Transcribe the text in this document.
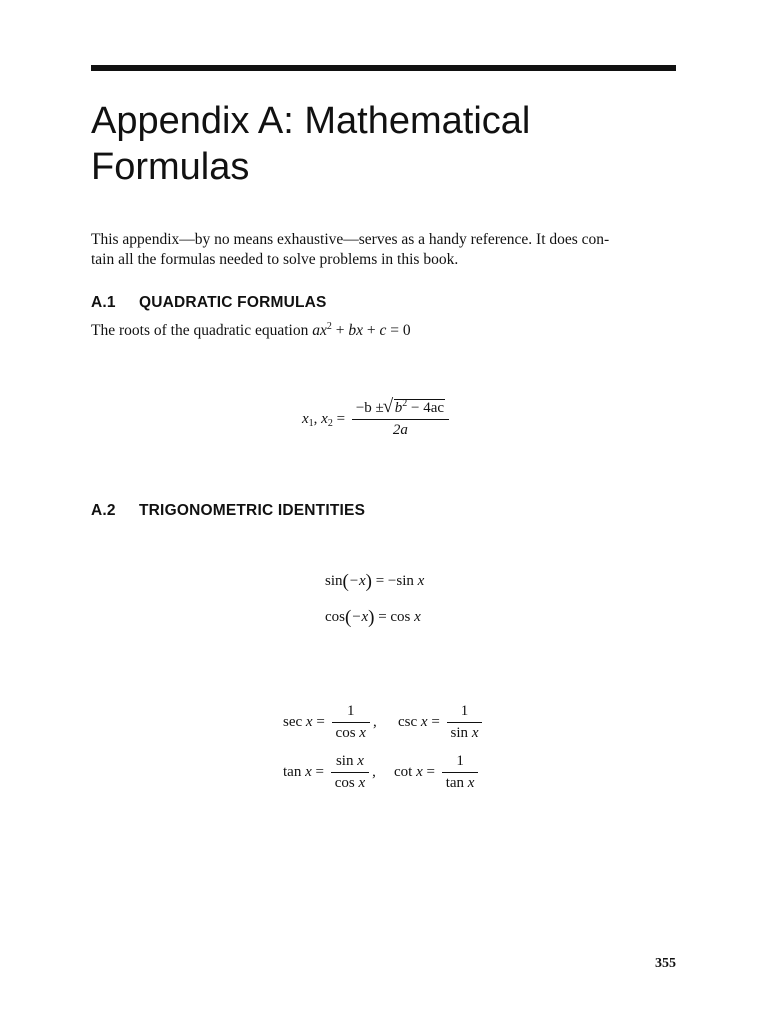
Appendix A: Mathematical
Formulas

This appendix—by no means exhaustive—serves as a handy reference. It does con-
tain all the formulas needed to solve problems in this book.

A.1 QUADRATIC FORMULAS
The roots of the quadratic equation $ax^2$ + bx + c = 0
$x_1$, $x_2 = \frac{-b \pm √ b^2 - 4ac}{2a}$
A.2 TRIGONOMETRIC IDENTITIES
sin(−x) = −sin x
cos(−x) = cos x
$\sec x = \frac{1}{\text{cos x}}$ , $\csc x = \frac{1}{\text{sin x}}$
$\tan x = \frac{\text{sin x}}{\text{cos x}}$ , $\cot x = \frac{1}{\text{tan x}}$
355
